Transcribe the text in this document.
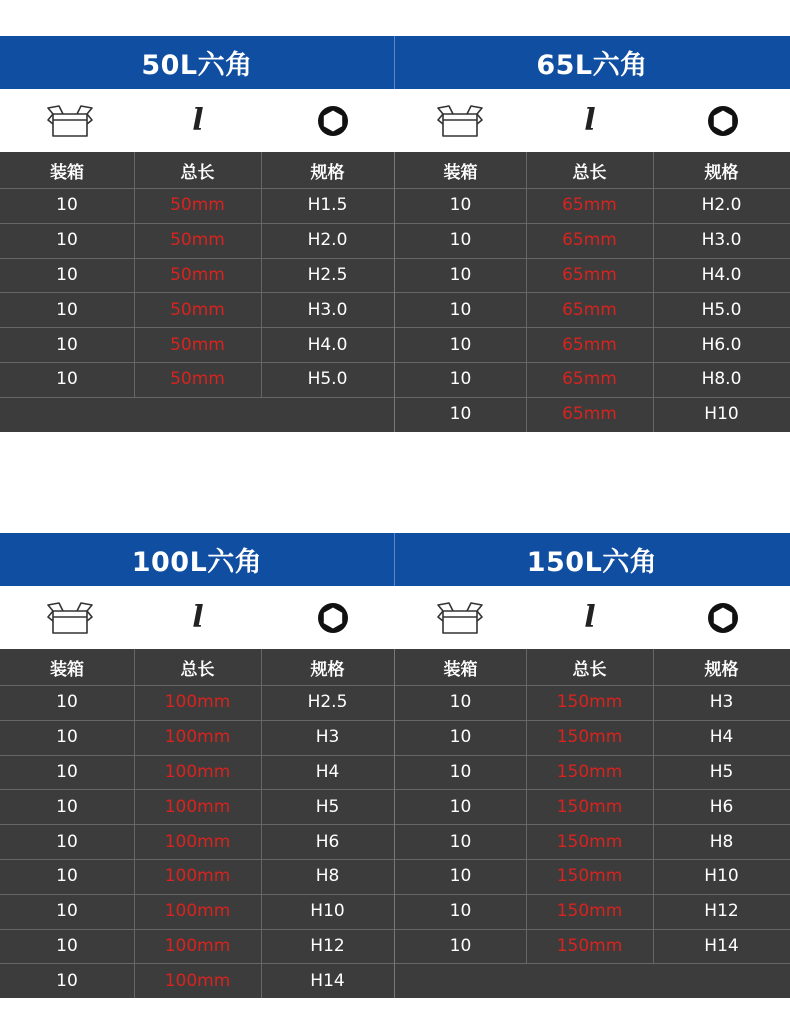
50L六角	65L六角
l	l
装箱	总长	规格	装箱	总长	规格
10	50mm	H1.5
10	50mm	H2.0
10	50mm	H2.5
10	50mm	H3.0
10	50mm	H4.0
10	50mm	H5.0
10	65mm	H2.0
10	65mm	H3.0
10	65mm	H4.0
10	65mm	H5.0
10	65mm	H6.0
10	65mm	H8.0
10	65mm	H10
100L六角	150L六角
l	l
装箱	总长	规格	装箱	总长	规格
10	100mm	H2.5
10	100mm	H3
10	100mm	H4
10	100mm	H5
10	100mm	H6
10	100mm	H8
10	100mm	H10
10	100mm	H12
10	100mm	H14
10	150mm	H3
10	150mm	H4
10	150mm	H5
10	150mm	H6
10	150mm	H8
10	150mm	H10
10	150mm	H12
10	150mm	H14
